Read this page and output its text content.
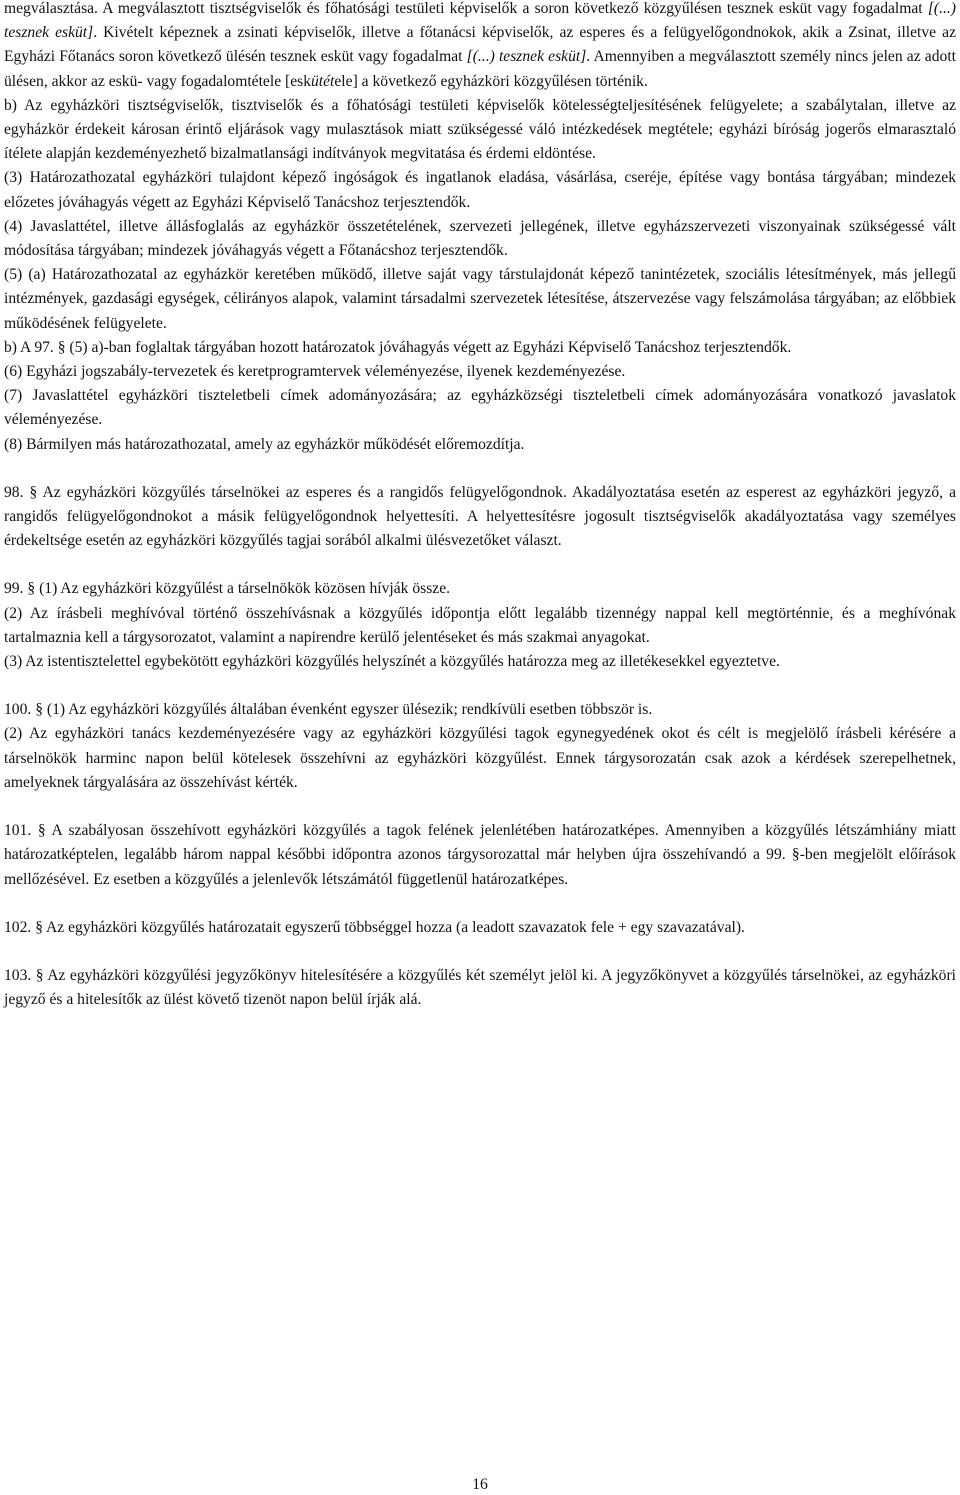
megválasztása. A megválasztott tisztségviselők és főhatósági testületi képviselők a soron következő közgyűlésen tesznek esküt vagy fogadalmat [(...) tesznek esküt]. Kivételt képeznek a zsinati képviselők, illetve a főtanácsi képviselők, az esperes és a felügyelőgondnokok, akik a Zsinat, illetve az Egyházi Főtanács soron következő ülésén tesznek esküt vagy fogadalmat [(...) tesznek esküt]. Amennyiben a megválasztott személy nincs jelen az adott ülésen, akkor az eskü- vagy fogadalomtétele [eskütétele] a következő egyházköri közgyűlésen történik.

b) Az egyházköri tisztségviselők, tisztviselők és a főhatósági testületi képviselők kötelességteljesítésének felügyelete; a szabálytalan, illetve az egyházkör érdekeit károsan érintő eljárások vagy mulasztások miatt szükségessé váló intézkedések megtétele; egyházi bíróság jogerős elmarasztaló ítélete alapján kezdeményezhető bizalmatlansági indítványok megvitatása és érdemi eldöntése.

(3) Határozathozatal egyházköri tulajdont képező ingóságok és ingatlanok eladása, vásárlása, cseréje, építése vagy bontása tárgyában; mindezek előzetes jóváhagyás végett az Egyházi Képviselő Tanácshoz terjesztendők.

(4) Javaslattétel, illetve állásfoglalás az egyházkör összetételének, szervezeti jellegének, illetve egyházszervezeti viszonyainak szükségessé vált módosítása tárgyában; mindezek jóváhagyás végett a Főtanácshoz terjesztendők.

(5) (a) Határozathozatal az egyházkör keretében működő, illetve saját vagy társtulajdonát képező tanintézetek, szociális létesítmények, más jellegű intézmények, gazdasági egységek, célirányos alapok, valamint társadalmi szervezetek létesítése, átszervezése vagy felszámolása tárgyában; az előbbiek működésének felügyelete.

b) A 97. § (5) a)-ban foglaltak tárgyában hozott határozatok jóváhagyás végett az Egyházi Képviselő Tanácshoz terjesztendők.

(6) Egyházi jogszabály-tervezetek és keretprogramtervek véleményezése, ilyenek kezdeményezése.

(7) Javaslattétel egyházköri tiszteletbeli címek adományozására; az egyházközségi tiszteletbeli címek adományozására vonatkozó javaslatok véleményezése.

(8) Bármilyen más határozathozatal, amely az egyházkör működését előremozdítja.

98. § Az egyházköri közgyűlés társelnökei az esperes és a rangidős felügyelőgondnok. Akadályoztatása esetén az esperest az egyházköri jegyző, a rangidős felügyelőgondnokot a másik felügyelőgondnok helyettesíti. A helyettesítésre jogosult tisztségviselők akadályoztatása vagy személyes érdekeltsége esetén az egyházköri közgyűlés tagjai sorából alkalmi ülésvezetőket választ.

99. § (1) Az egyházköri közgyűlést a társelnökök közösen hívják össze.

(2) Az írásbeli meghívóval történő összehívásnak a közgyűlés időpontja előtt legalább tizennégy nappal kell megtörténnie, és a meghívónak tartalmaznia kell a tárgysorozatot, valamint a napirendre kerülő jelentéseket és más szakmai anyagokat.

(3) Az istentisztelettel egybekötött egyházköri közgyűlés helyszínét a közgyűlés határozza meg az illetékesekkel egyeztetve.

100. § (1) Az egyházköri közgyűlés általában évenként egyszer ülésezik; rendkívüli esetben többször is.

(2) Az egyházköri tanács kezdeményezésére vagy az egyházköri közgyűlési tagok egynegyedének okot és célt is megjelölő írásbeli kérésére a társelnökök harminc napon belül kötelesek összehívni az egyházköri közgyűlést. Ennek tárgysorozatán csak azok a kérdések szerepelhetnek, amelyeknek tárgyalására az összehívást kérték.

101. § A szabályosan összehívott egyházköri közgyűlés a tagok felének jelenlétében határozatképes. Amennyiben a közgyűlés létszámhiány miatt határozatképtelen, legalább három nappal későbbi időpontra azonos tárgysorozattal már helyben újra összehívandó a 99. §-ben megjelölt előírások mellőzésével. Ez esetben a közgyűlés a jelenlevők létszámától függetlenül határozatképes.

102. § Az egyházköri közgyűlés határozatait egyszerű többséggel hozza (a leadott szavazatok fele + egy szavazatával).

103. § Az egyházköri közgyűlési jegyzőkönyv hitelesítésére a közgyűlés két személyt jelöl ki. A jegyzőkönyvet a közgyűlés társelnökei, az egyházköri jegyző és a hitelesítők az ülést követő tizenöt napon belül írják alá.

16
